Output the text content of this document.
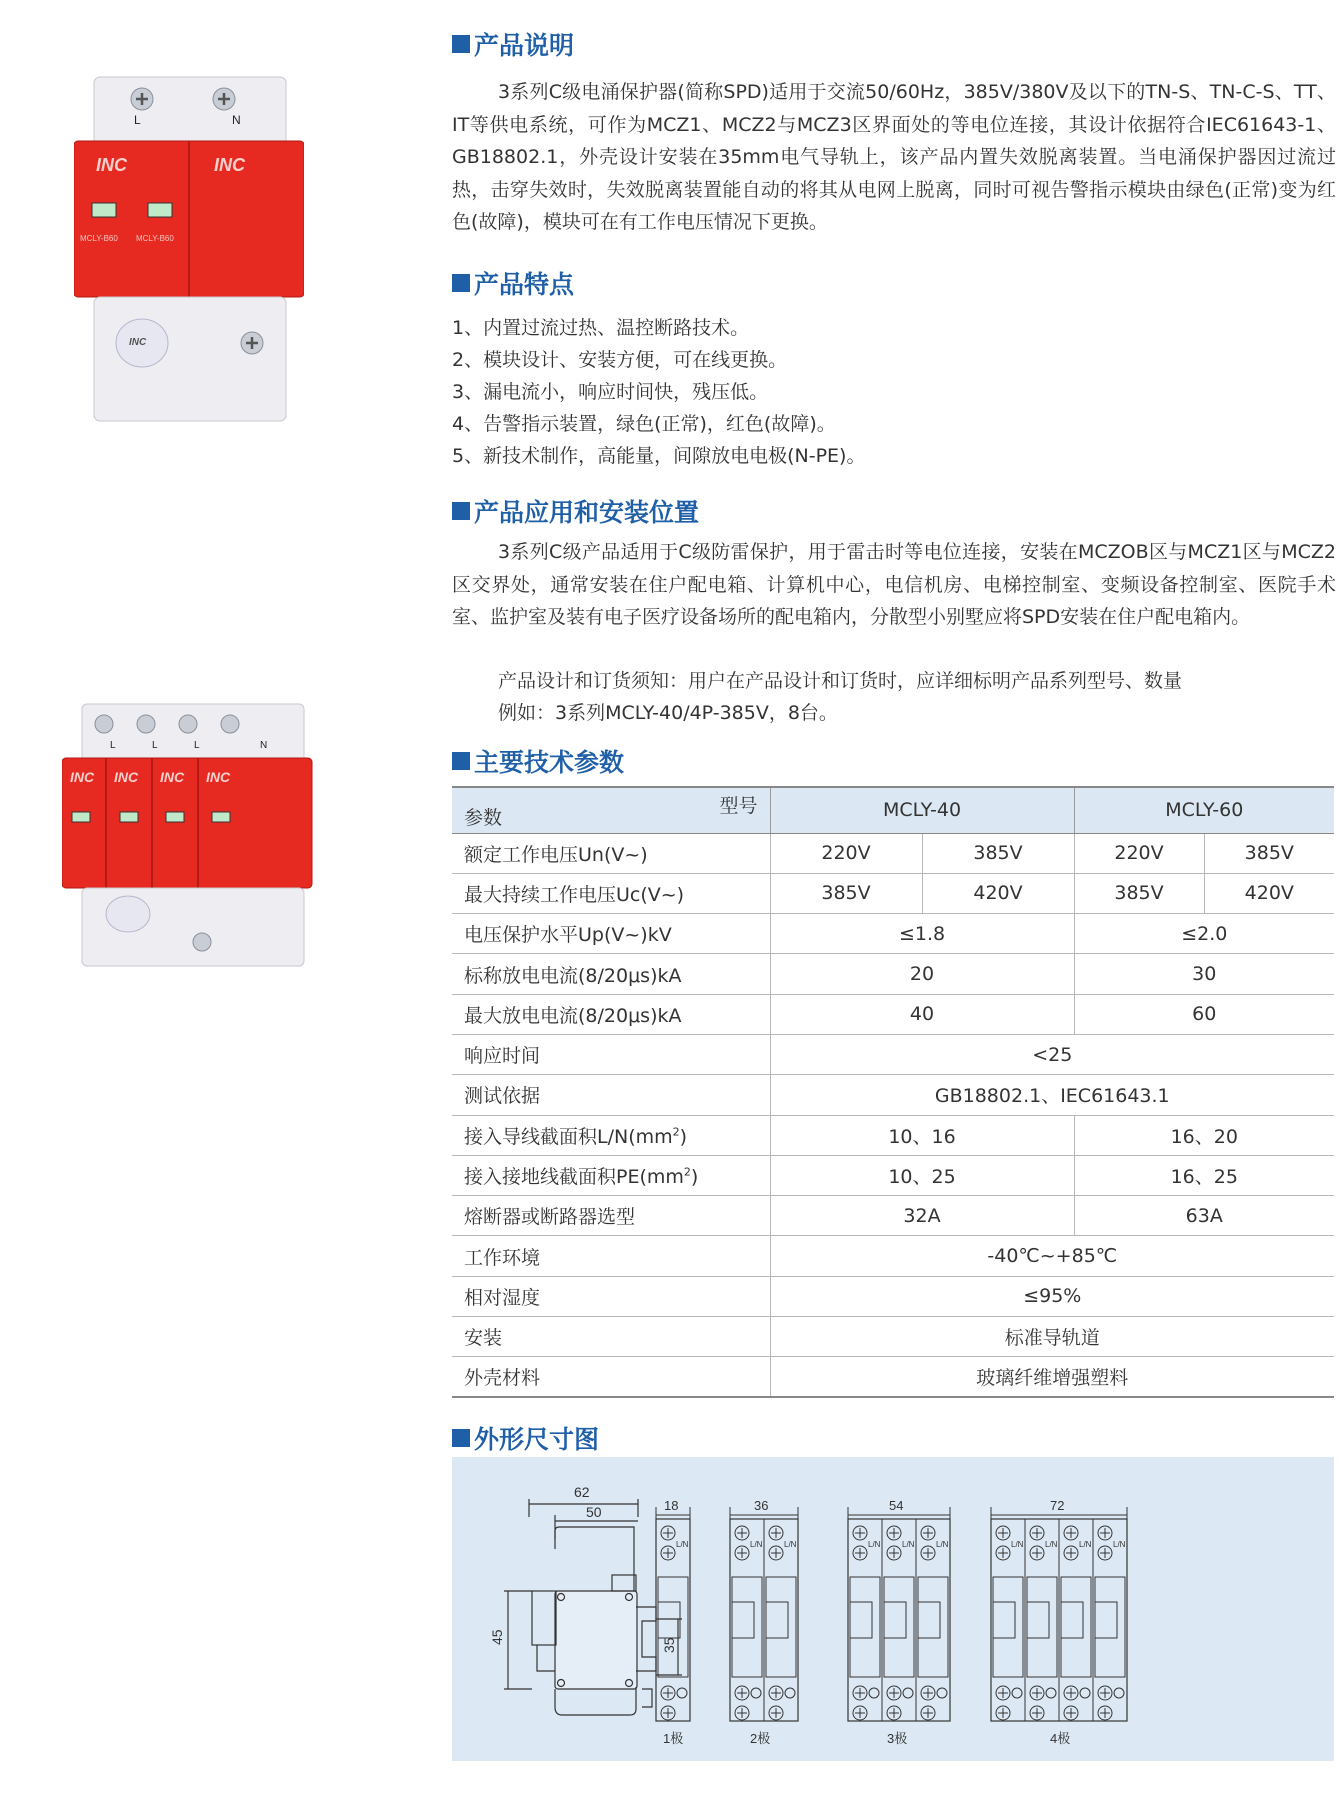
L	N
INC	INC
MCLY-B60 MCLY-B60
INC
L	L	L	N
INC INC INC INC
产品说明
3系列C级电涌保护器(简称SPD)适用于交流50/60Hz，385V/380V及以下的TN-S、TN-C-S、TT、IT等供电系统，可作为MCZ1、MCZ2与MCZ3区界面处的等电位连接，其设计依据符合IEC61643-1、GB18802.1，外壳设计安装在35mm电气导轨上，该产品内置失效脱离装置。当电涌保护器因过流过热，击穿失效时，失效脱离装置能自动的将其从电网上脱离，同时可视告警指示模块由绿色(正常)变为红色(故障)，模块可在有工作电压情况下更换。
产品特点
1、内置过流过热、温控断路技术。
2、模块设计、安装方便，可在线更换。
3、漏电流小，响应时间快，残压低。
4、告警指示装置，绿色(正常)，红色(故障)。
5、新技术制作，高能量，间隙放电电极(N-PE)。
产品应用和安装位置
3系列C级产品适用于C级防雷保护，用于雷击时等电位连接，安装在MCZOB区与MCZ1区与MCZ2区交界处，通常安装在住户配电箱、计算机中心，电信机房、电梯控制室、变频设备控制室、医院手术室、监护室及装有电子医疗设备场所的配电箱内，分散型小别墅应将SPD安装在住户配电箱内。
产品设计和订货须知：用户在产品设计和订货时，应详细标明产品系列型号、数量
例如：3系列MCLY-40/4P-385V，8台。
主要技术参数
外形尺寸图
型号
参数	MCLY-40		MCLY-60	
额定工作电压Un(V~)	220V	385V	220V	385V
最大持续工作电压Uc(V~)	385V	420V	385V	420V
电压保护水平Up(V~)kV	≤1.8		≤2.0	
标称放电电流(8/20μs)kA	20		30	
最大放电电流(8/20μs)kA	40		60	
响应时间	<25			
测试依据	GB18802.1、IEC61643.1			
接入导线截面积$L/N(mm^2)$	10、16		16、20	
接入接地线截面积$PE(mm^2)$	10、25		16、25	
熔断器或断路器选型	32A		63A	
工作环境	-40℃~+85℃			
相对湿度	≤95%			
安装	标准导轨道			
外壳材料	玻璃纤维增强塑料			
62
50
45
35
L/N	L/N	L/N	L/N	L/N	L/N	L/N	L/N	L/N	L/N
18	36	54	72
1极	2极	3极	4极
